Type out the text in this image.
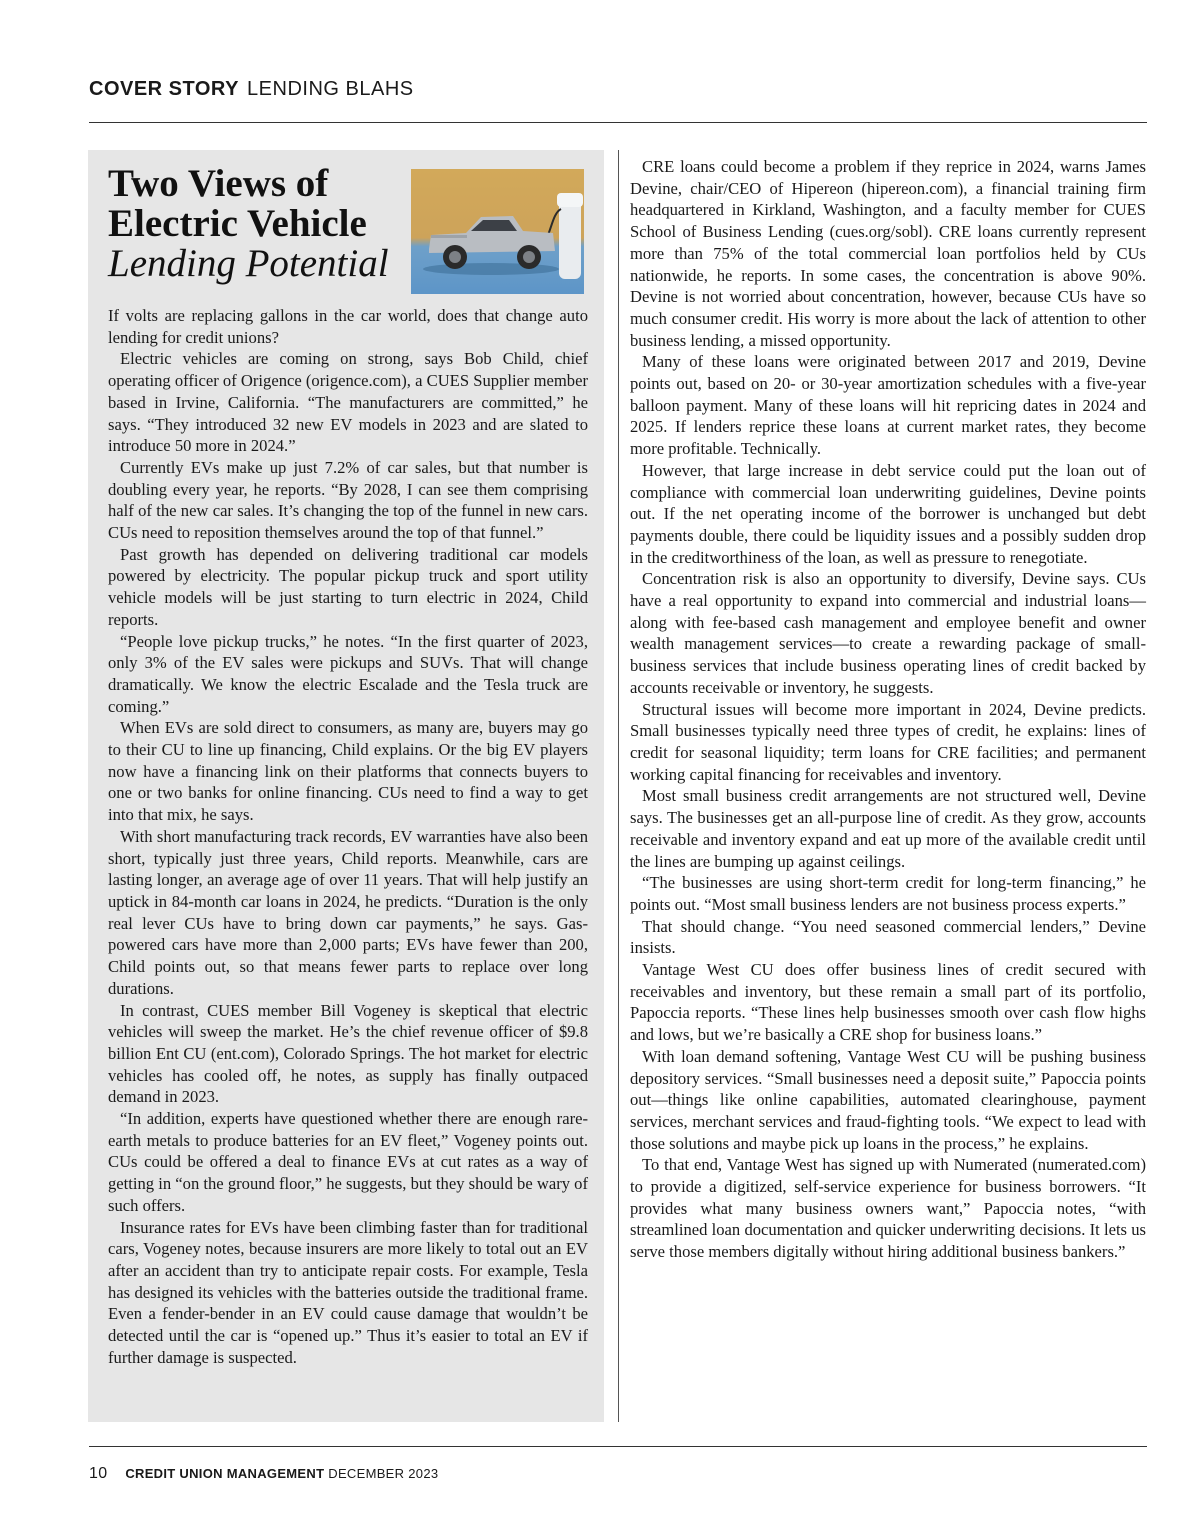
COVER STORY LENDING BLAHS
Two Views of
Electric Vehicle
Lending Potential

If volts are replacing gallons in the car world, does that change auto lending for credit unions?

Electric vehicles are coming on strong, says Bob Child, chief operating officer of Origence (origence.com), a CUES Supplier member based in Irvine, California. “The manufacturers are committed,” he says. “They introduced 32 new EV models in 2023 and are slated to introduce 50 more in 2024.”

Currently EVs make up just 7.2% of car sales, but that number is doubling every year, he reports. “By 2028, I can see them comprising half of the new car sales. It’s changing the top of the funnel in new cars. CUs need to reposition themselves around the top of that funnel.”

Past growth has depended on delivering traditional car models powered by electricity. The popular pickup truck and sport utility vehicle models will be just starting to turn electric in 2024, Child reports.

“People love pickup trucks,” he notes. “In the first quarter of 2023, only 3% of the EV sales were pickups and SUVs. That will change dramatically. We know the electric Escalade and the Tesla truck are coming.”

When EVs are sold direct to consumers, as many are, buyers may go to their CU to line up financing, Child explains. Or the big EV players now have a financing link on their platforms that connects buyers to one or two banks for online financing. CUs need to find a way to get into that mix, he says.

With short manufacturing track records, EV warranties have also been short, typically just three years, Child reports. Meanwhile, cars are lasting longer, an average age of over 11 years. That will help justify an uptick in 84-month car loans in 2024, he predicts. “Duration is the only real lever CUs have to bring down car payments,” he says. Gas-powered cars have more than 2,000 parts; EVs have fewer than 200, Child points out, so that means fewer parts to replace over long durations.

In contrast, CUES member Bill Vogeney is skeptical that electric vehicles will sweep the market. He’s the chief revenue officer of $9.8 billion Ent CU (ent.com), Colorado Springs. The hot market for electric vehicles has cooled off, he notes, as supply has finally outpaced demand in 2023.

“In addition, experts have questioned whether there are enough rare-earth metals to produce batteries for an EV fleet,” Vogeney points out. CUs could be offered a deal to finance EVs at cut rates as a way of getting in “on the ground floor,” he suggests, but they should be wary of such offers.

Insurance rates for EVs have been climbing faster than for traditional cars, Vogeney notes, because insurers are more likely to total out an EV after an accident than try to anticipate repair costs. For example, Tesla has designed its vehicles with the batteries outside the traditional frame. Even a fender-bender in an EV could cause damage that wouldn’t be detected until the car is “opened up.” Thus it’s easier to total an EV if further damage is suspected.

CRE loans could become a problem if they reprice in 2024, warns James Devine, chair/CEO of Hipereon (hipereon.com), a financial training firm headquartered in Kirkland, Washington, and a faculty member for CUES School of Business Lending (cues.org/sobl). CRE loans currently represent more than 75% of the total commercial loan portfolios held by CUs nationwide, he reports. In some cases, the concentration is above 90%. Devine is not worried about concentration, however, because CUs have so much consumer credit. His worry is more about the lack of attention to other business lending, a missed opportunity.

Many of these loans were originated between 2017 and 2019, Devine points out, based on 20- or 30-year amortization schedules with a five-year balloon payment. Many of these loans will hit repricing dates in 2024 and 2025. If lenders reprice these loans at current market rates, they become more profitable. Technically.

However, that large increase in debt service could put the loan out of compliance with commercial loan underwriting guidelines, Devine points out. If the net operating income of the borrower is unchanged but debt payments double, there could be liquidity issues and a possibly sudden drop in the creditworthiness of the loan, as well as pressure to renegotiate.

Concentration risk is also an opportunity to diversify, Devine says. CUs have a real opportunity to expand into commercial and industrial loans—along with fee-based cash management and employee benefit and owner wealth management services—to create a rewarding package of small-business services that include business operating lines of credit backed by accounts receivable or inventory, he suggests.

Structural issues will become more important in 2024, Devine predicts. Small businesses typically need three types of credit, he explains: lines of credit for seasonal liquidity; term loans for CRE facilities; and permanent working capital financing for receivables and inventory.

Most small business credit arrangements are not structured well, Devine says. The businesses get an all-purpose line of credit. As they grow, accounts receivable and inventory expand and eat up more of the available credit until the lines are bumping up against ceilings.

“The businesses are using short-term credit for long-term financing,” he points out. “Most small business lenders are not business process experts.”

That should change. “You need seasoned commercial lenders,” Devine insists.

Vantage West CU does offer business lines of credit secured with receivables and inventory, but these remain a small part of its portfolio, Papoccia reports. “These lines help businesses smooth over cash flow highs and lows, but we’re basically a CRE shop for business loans.”

With loan demand softening, Vantage West CU will be pushing business depository services. “Small businesses need a deposit suite,” Papoccia points out—things like online capabilities, automated clearinghouse, payment services, merchant services and fraud-fighting tools. “We expect to lead with those solutions and maybe pick up loans in the process,” he explains.

To that end, Vantage West has signed up with Numerated (numerated.com) to provide a digitized, self-service experience for business borrowers. “It provides what many business owners want,” Papoccia notes, “with streamlined loan documentation and quicker underwriting decisions. It lets us serve those members digitally without hiring additional business bankers.”

10 CREDIT UNION MANAGEMENT DECEMBER 2023
